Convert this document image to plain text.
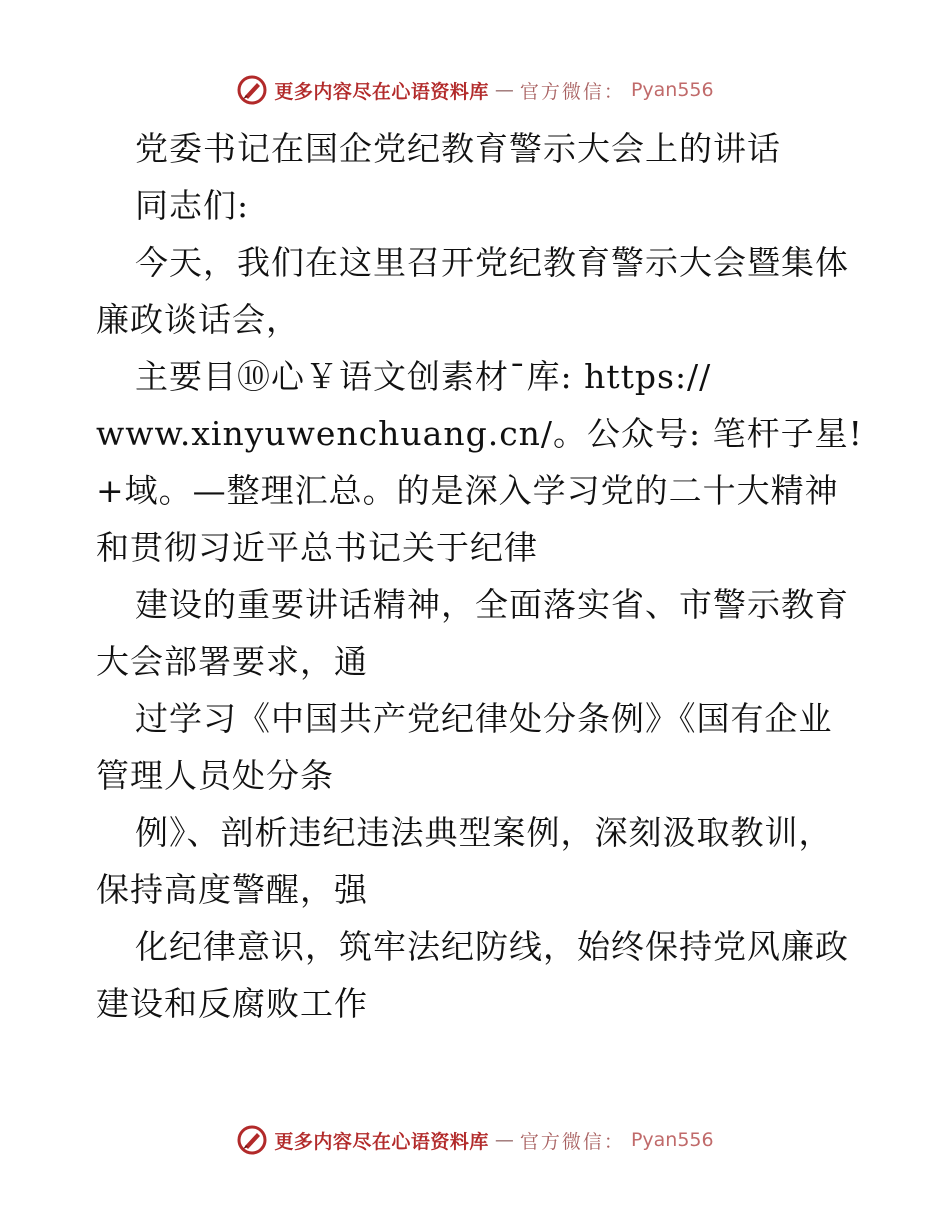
更多内容尽在心语资料库 — 官方微信： Pyan556
党委书记在国企党纪教育警示大会上的讲话
同志们:
今天，我们在这里召开党纪教育警示大会暨集体
廉政谈话会，
主要目⑩心￥语文创素材¯库: https://
www.xinyuwenchuang.cn/。公众号: 笔杆子星!
+域。—整理汇总。的是深入学习党的二十大精神
和贯彻习近平总书记关于纪律
建设的重要讲话精神，全面落实省、市警示教育
大会部署要求，通
过学习《中国共产党纪律处分条例》《国有企业
管理人员处分条
例》、剖析违纪违法典型案例，深刻汲取教训，
保持高度警醒，强
化纪律意识，筑牢法纪防线，始终保持党风廉政
建设和反腐败工作
更多内容尽在心语资料库 — 官方微信： Pyan556
